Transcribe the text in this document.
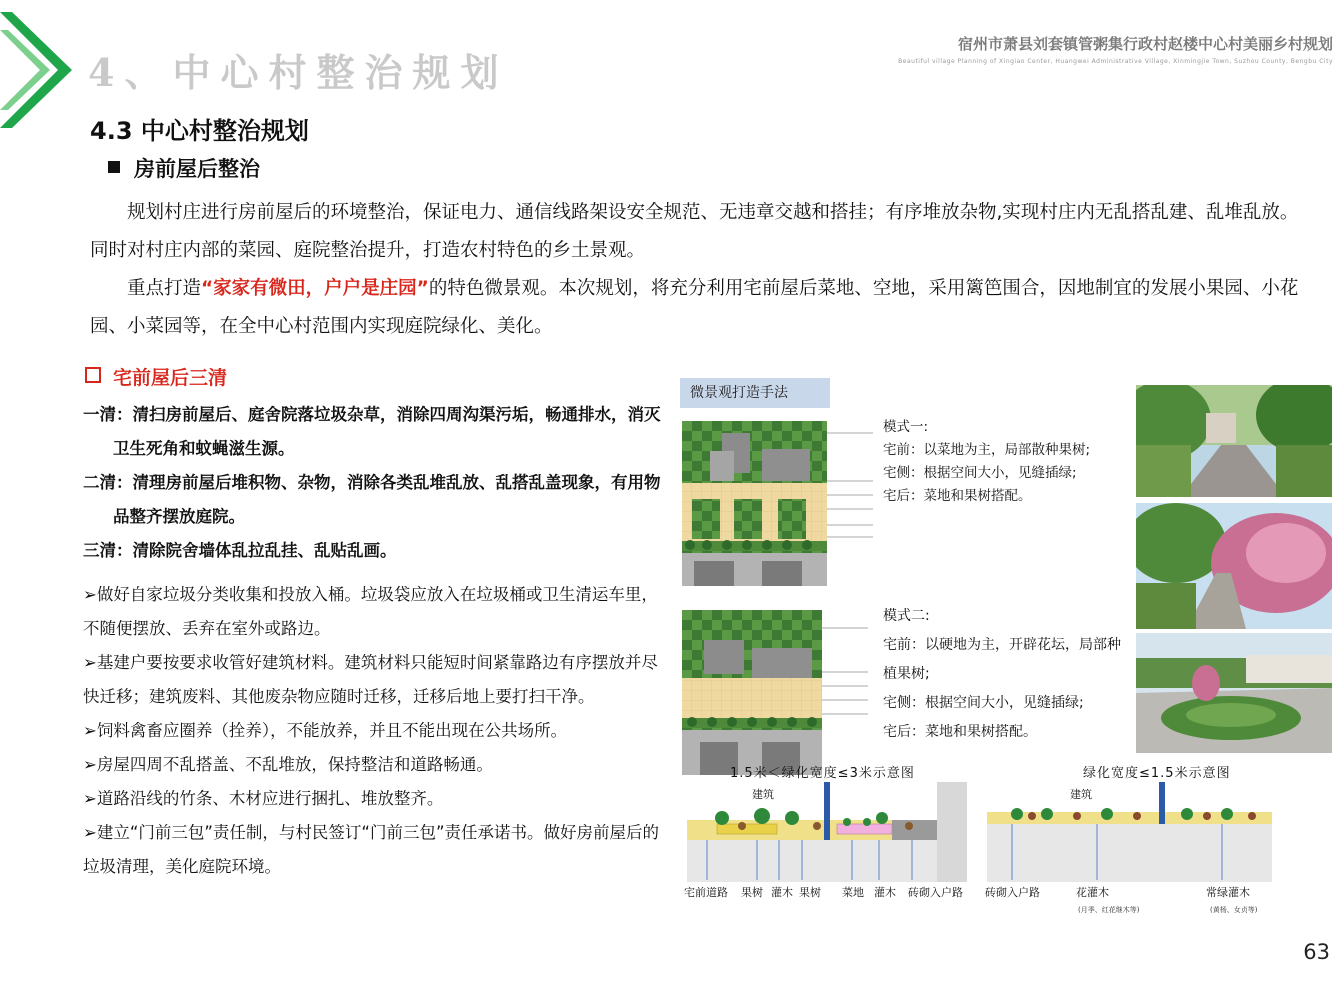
4、中心村整治规划
宿州市萧县刘套镇管粥集行政村赵楼中心村美丽乡村规划
Beautiful village Planning of Xingiao Center, Huangwei Administrative Village, Xinmingjie Town, Suzhou County, Bengbu City
4.3 中心村整治规划
房前屋后整治

规划村庄进行房前屋后的环境整治，保证电力、通信线路架设安全规范、无违章交越和搭挂；有序堆放杂物,实现村庄内无乱搭乱建、乱堆乱放。同时对村庄内部的菜园、庭院整治提升，打造农村特色的乡土景观。

重点打造“家家有微田，户户是庄园”的特色微景观。本次规划，将充分利用宅前屋后菜地、空地，采用篱笆围合，因地制宜的发展小果园、小花园、小菜园等，在全中心村范围内实现庭院绿化、美化。

宅前屋后三清
一清：清扫房前屋后、庭舍院落垃圾杂草，消除四周沟渠污垢，畅通排水，消灭卫生死角和蚊蝇滋生源。
二清：清理房前屋后堆积物、杂物，消除各类乱堆乱放、乱搭乱盖现象，有用物品整齐摆放庭院。
三清：清除院舍墙体乱拉乱挂、乱贴乱画。
➢做好自家垃圾分类收集和投放入桶。垃圾袋应放入在垃圾桶或卫生清运车里，不随便摆放、丢弃在室外或路边。
➢基建户要按要求收管好建筑材料。建筑材料只能短时间紧靠路边有序摆放并尽快迁移；建筑废料、其他废杂物应随时迁移，迁移后地上要打扫干净。
➢饲料禽畜应圈养（拴养），不能放养，并且不能出现在公共场所。
➢房屋四周不乱搭盖、不乱堆放，保持整洁和道路畅通。
➢道路沿线的竹条、木材应进行捆扎、堆放整齐。
➢建立“门前三包”责任制，与村民签订“门前三包”责任承诺书。做好房前屋后的垃圾清理，美化庭院环境。
微景观打造手法
模式一:
宅前：以菜地为主，局部散种果树;
宅侧：根据空间大小，见缝插绿;
宅后：菜地和果树搭配。
模式二:
宅前：以硬地为主，开辟花坛，局部种植果树;
宅侧：根据空间大小，见缝插绿;
宅后：菜地和果树搭配。
1.5米＜绿化宽度≤3米示意图	绿化宽度≤1.5米示意图
建筑
宅前道路 果树 灌木 果树 菜地 灌木 砖砌入户路
建筑
砖砌入户路	花灌木	常绿灌木
(月季、红花继木等)	(黄杨、女贞等)
63
